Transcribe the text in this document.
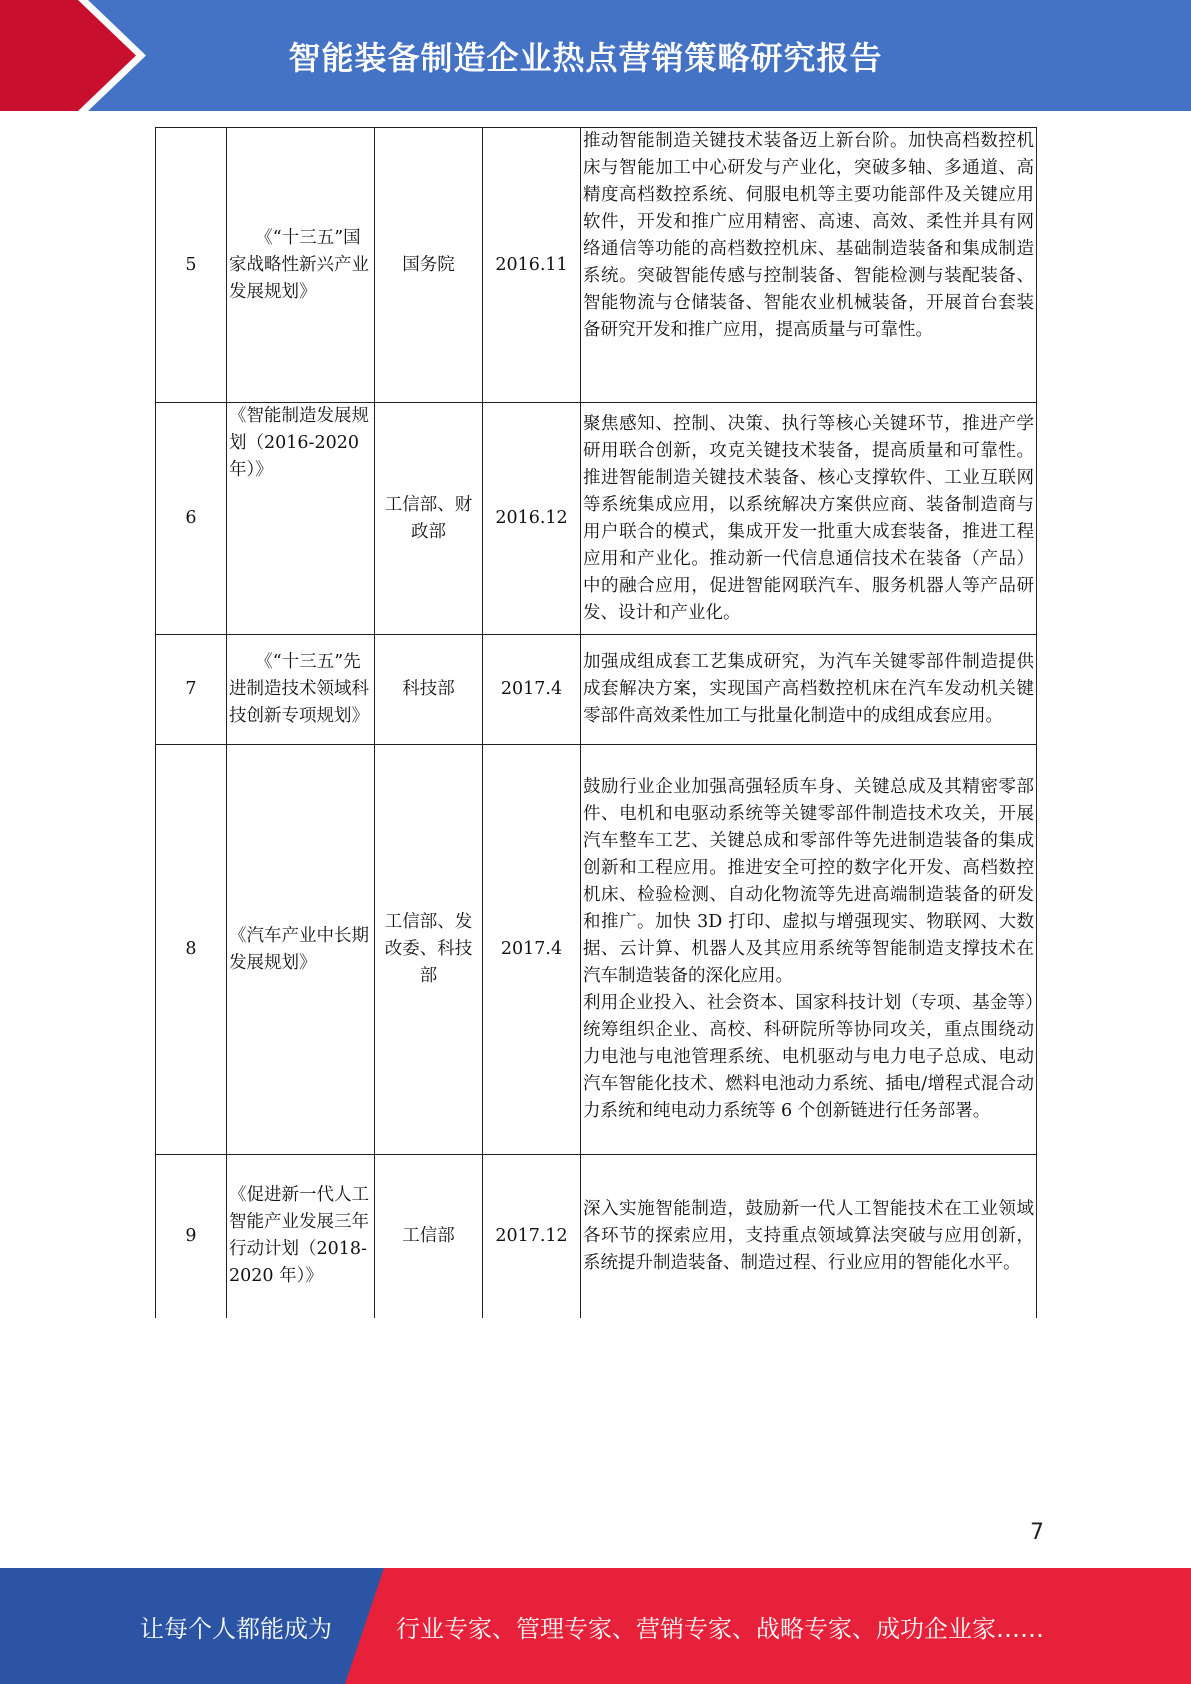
智能装备制造企业热点营销策略研究报告
5	《“十三五”国家战略性新兴产业发展规划》	国务院	2016.11	推动智能制造关键技术装备迈上新台阶。加快高档数控机床与智能加工中心研发与产业化，突破多轴、多通道、高精度高档数控系统、伺服电机等主要功能部件及关键应用软件，开发和推广应用精密、高速、高效、柔性并具有网络通信等功能的高档数控机床、基础制造装备和集成制造系统。突破智能传感与控制装备、智能检测与装配装备、智能物流与仓储装备、智能农业机械装备，开展首台套装备研究开发和推广应用，提高质量与可靠性。

6	《智能制造发展规划（2016-2020 年）》	工信部、财政部	2016.12	聚焦感知、控制、决策、执行等核心关键环节，推进产学研用联合创新，攻克关键技术装备，提高质量和可靠性。推进智能制造关键技术装备、核心支撑软件、工业互联网等系统集成应用，以系统解决方案供应商、装备制造商与用户联合的模式，集成开发一批重大成套装备，推进工程应用和产业化。推动新一代信息通信技术在装备（产品）中的融合应用，促进智能网联汽车、服务机器人等产品研发、设计和产业化。

7	《“十三五”先进制造技术领域科技创新专项规划》	科技部	2017.4	加强成组成套工艺集成研究，为汽车关键零部件制造提供成套解决方案，实现国产高档数控机床在汽车发动机关键零部件高效柔性加工与批量化制造中的成组成套应用。

8	《汽车产业中长期发展规划》	工信部、发改委、科技部	2017.4	鼓励行业企业加强高强轻质车身、关键总成及其精密零部件、电机和电驱动系统等关键零部件制造技术攻关，开展汽车整车工艺、关键总成和零部件等先进制造装备的集成创新和工程应用。推进安全可控的数字化开发、高档数控机床、检验检测、自动化物流等先进高端制造装备的研发和推广。加快 3D 打印、虚拟与增强现实、物联网、大数据、云计算、机器人及其应用系统等智能制造支撑技术在汽车制造装备的深化应用。

利用企业投入、社会资本、国家科技计划（专项、基金等）统筹组织企业、高校、科研院所等协同攻关，重点围绕动力电池与电池管理系统、电机驱动与电力电子总成、电动汽车智能化技术、燃料电池动力系统、插电/增程式混合动力系统和纯电动力系统等 6 个创新链进行任务部署。

9	《促进新一代人工智能产业发展三年行动计划（2018-2020 年）》	工信部	2017.12	深入实施智能制造，鼓励新一代人工智能技术在工业领域各环节的探索应用，支持重点领域算法突破与应用创新，系统提升制造装备、制造过程、行业应用的智能化水平。

7
让每个人都能成为	行业专家、管理专家、营销专家、战略专家、成功企业家……
